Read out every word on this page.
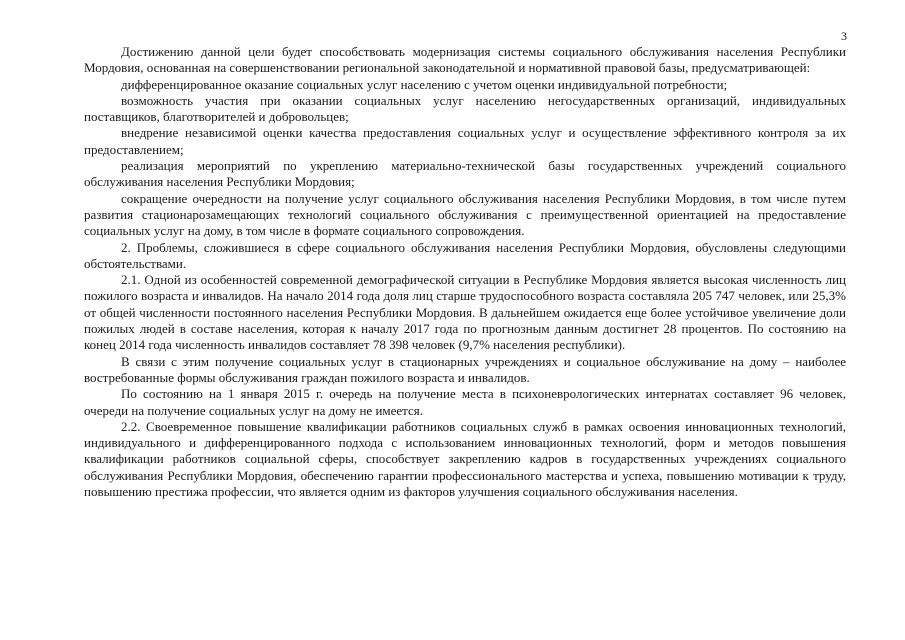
3

Достижению данной цели будет способствовать модернизация системы социального обслуживания населения Республики Мордовия, основанная на совершенствовании региональной законодательной и нормативной правовой базы, предусматривающей:

дифференцированное оказание социальных услуг населению с учетом оценки индивидуальной потребности;

возможность участия при оказании социальных услуг населению негосударственных организаций, индивидуальных поставщиков, благотворителей и добровольцев;

внедрение независимой оценки качества предоставления социальных услуг и осуществление эффективного контроля за их предоставлением;

реализация мероприятий по укреплению материально-технической базы государственных учреждений социального обслуживания населения Республики Мордовия;

сокращение очередности на получение услуг социального обслуживания населения Республики Мордовия, в том числе путем развития стационарозамещающих технологий социального обслуживания с преимущественной ориентацией на предоставление социальных услуг на дому, в том числе в формате социального сопровождения.

2. Проблемы, сложившиеся в сфере социального обслуживания населения Республики Мордовия, обусловлены следующими обстоятельствами.

2.1. Одной из особенностей современной демографической ситуации в Республике Мордовия является высокая численность лиц пожилого возраста и инвалидов. На начало 2014 года доля лиц старше трудоспособного возраста составляла 205 747 человек, или 25,3% от общей численности постоянного населения Республики Мордовия. В дальнейшем ожидается еще более устойчивое увеличение доли пожилых людей в составе населения, которая к началу 2017 года по прогнозным данным достигнет 28 процентов. По состоянию на конец 2014 года численность инвалидов составляет 78 398 человек (9,7% населения республики).

В связи с этим получение социальных услуг в стационарных учреждениях и социальное обслуживание на дому – наиболее востребованные формы обслуживания граждан пожилого возраста и инвалидов.

По состоянию на 1 января 2015 г. очередь на получение места в психоневрологических интернатах составляет 96 человек, очереди на получение социальных услуг на дому не имеется.

2.2. Своевременное повышение квалификации работников социальных служб в рамках освоения инновационных технологий, индивидуального и дифференцированного подхода с использованием инновационных технологий, форм и методов повышения квалификации работников социальной сферы, способствует закреплению кадров в государственных учреждениях социального обслуживания Республики Мордовия, обеспечению гарантии профессионального мастерства и успеха, повышению мотивации к труду, повышению престижа профессии, что является одним из факторов улучшения социального обслуживания населения.
